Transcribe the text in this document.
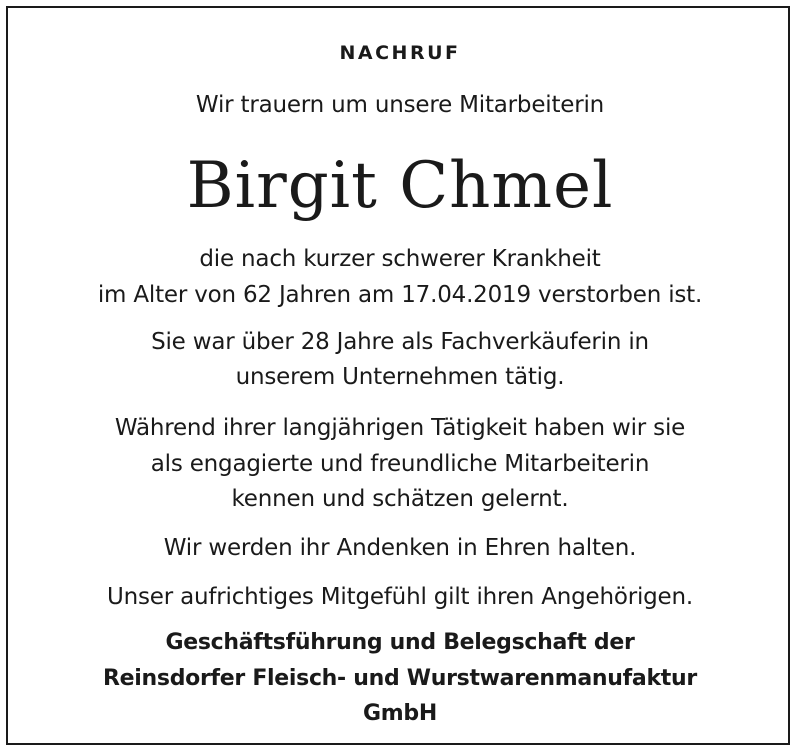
NACHRUF
Wir trauern um unsere Mitarbeiterin
Birgit Chmel
die nach kurzer schwerer Krankheit
im Alter von 62 Jahren am 17.04.2019 verstorben ist.
Sie war über 28 Jahre als Fachverkäuferin in
unserem Unternehmen tätig.
Während ihrer langjährigen Tätigkeit haben wir sie
als engagierte und freundliche Mitarbeiterin
kennen und schätzen gelernt.
Wir werden ihr Andenken in Ehren halten.
Unser aufrichtiges Mitgefühl gilt ihren Angehörigen.
Geschäftsführung und Belegschaft der
Reinsdorfer Fleisch- und Wurstwarenmanufaktur
GmbH
